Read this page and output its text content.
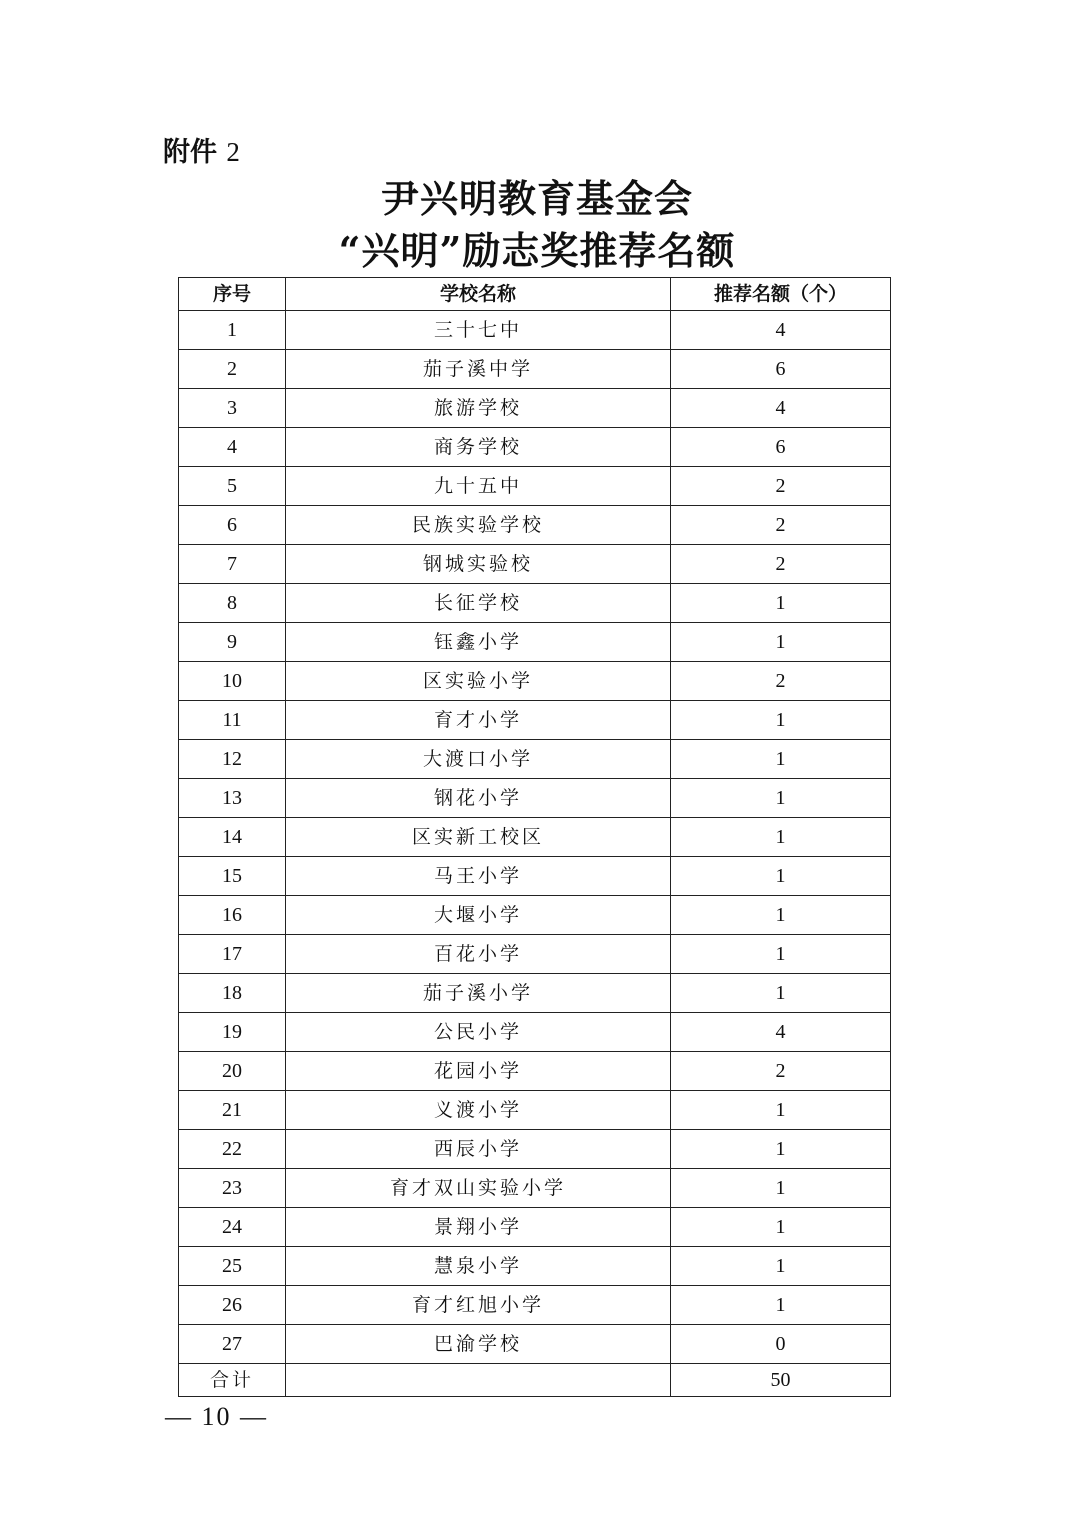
附件 2
尹兴明教育基金会
“兴明”励志奖推荐名额
序号	学校名称	推荐名额（个）
1	三十七中	4
2	茄子溪中学	6
3	旅游学校	4
4	商务学校	6
5	九十五中	2
6	民族实验学校	2
7	钢城实验校	2
8	长征学校	1
9	钰鑫小学	1
10	区实验小学	2
11	育才小学	1
12	大渡口小学	1
13	钢花小学	1
14	区实新工校区	1
15	马王小学	1
16	大堰小学	1
17	百花小学	1
18	茄子溪小学	1
19	公民小学	4
20	花园小学	2
21	义渡小学	1
22	西辰小学	1
23	育才双山实验小学	1
24	景翔小学	1
25	慧泉小学	1
26	育才红旭小学	1
27	巴渝学校	0
合计		50
— 10 —
